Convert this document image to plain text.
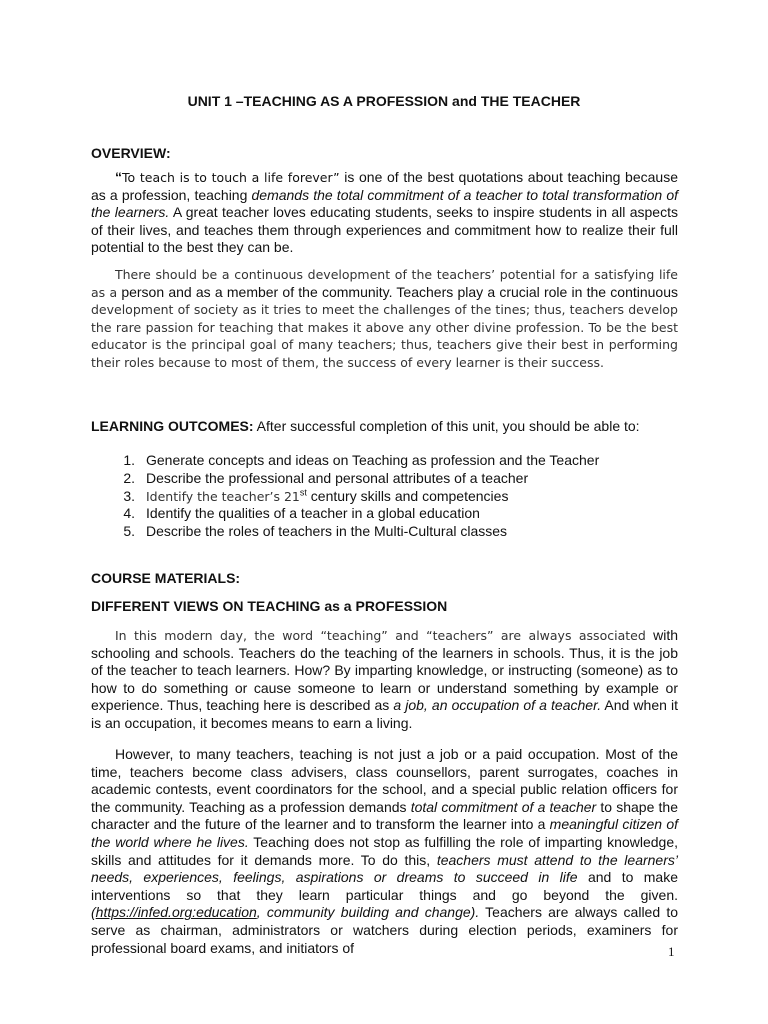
UNIT 1 –TEACHING AS A PROFESSION and THE TEACHER
OVERVIEW:
“To teach is to touch a life forever” is one of the best quotations about teaching because as a profession, teaching demands the total commitment of a teacher to total transformation of the learners. A great teacher loves educating students, seeks to inspire students in all aspects of their lives, and teaches them through experiences and commitment how to realize their full potential to the best they can be.
There should be a continuous development of the teachers’ potential for a satisfying life as a person and as a member of the community. Teachers play a crucial role in the continuous development of society as it tries to meet the challenges of the tines; thus, teachers develop the rare passion for teaching that makes it above any other divine profession. To be the best educator is the principal goal of many teachers; thus, teachers give their best in performing their roles because to most of them, the success of every learner is their success.
LEARNING OUTCOMES: After successful completion of this unit, you should be able to:
1. Generate concepts and ideas on Teaching as profession and the Teacher
2. Describe the professional and personal attributes of a teacher
3. Identify the teacher’s 21st century skills and competencies
4. Identify the qualities of a teacher in a global education
5. Describe the roles of teachers in the Multi-Cultural classes
COURSE MATERIALS:
DIFFERENT VIEWS ON TEACHING as a PROFESSION
In this modern day, the word “teaching” and “teachers” are always associated with schooling and schools. Teachers do the teaching of the learners in schools. Thus, it is the job of the teacher to teach learners. How? By imparting knowledge, or instructing (someone) as to how to do something or cause someone to learn or understand something by example or experience. Thus, teaching here is described as a job, an occupation of a teacher. And when it is an occupation, it becomes means to earn a living.
However, to many teachers, teaching is not just a job or a paid occupation. Most of the time, teachers become class advisers, class counsellors, parent surrogates, coaches in academic contests, event coordinators for the school, and a special public relation officers for the community. Teaching as a profession demands total commitment of a teacher to shape the character and the future of the learner and to transform the learner into a meaningful citizen of the world where he lives. Teaching does not stop as fulfilling the role of imparting knowledge, skills and attitudes for it demands more. To do this, teachers must attend to the learners’ needs, experiences, feelings, aspirations or dreams to succeed in life and to make interventions so that they learn particular things and go beyond the given. (https://infed.org:education, community building and change). Teachers are always called to serve as chairman, administrators or watchers during election periods, examiners for professional board exams, and initiators of	1
